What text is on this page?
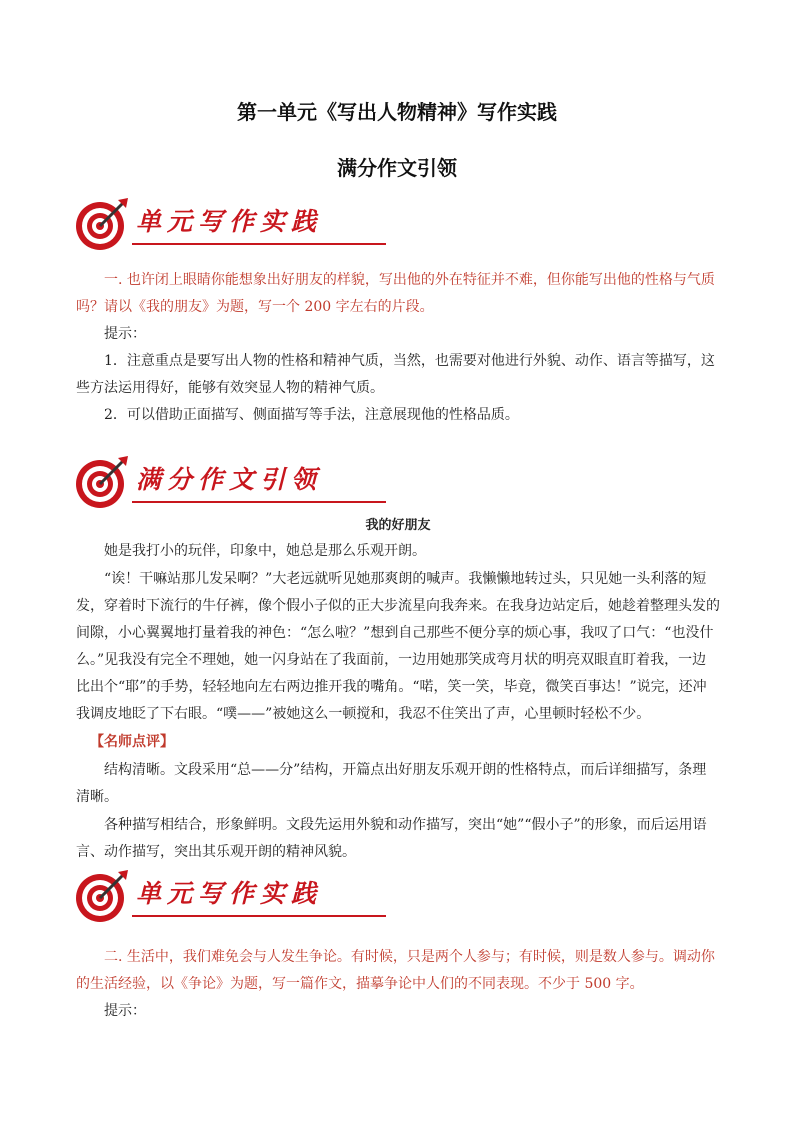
第一单元《写出人物精神》写作实践
满分作文引领
单元写作实践

一. 也许闭上眼睛你能想象出好朋友的样貌，写出他的外在特征并不难，但你能写出他的性格与气质吗？请以《我的朋友》为题，写一个 200 字左右的片段。

提示：

1．注意重点是要写出人物的性格和精神气质，当然，也需要对他进行外貌、动作、语言等描写，这些方法运用得好，能够有效突显人物的精神气质。

2．可以借助正面描写、侧面描写等手法，注意展现他的性格品质。

满分作文引领
我的好朋友

她是我打小的玩伴，印象中，她总是那么乐观开朗。

“诶！干嘛站那儿发呆啊？”大老远就听见她那爽朗的喊声。我懒懒地转过头，只见她一头利落的短发，穿着时下流行的牛仔裤，像个假小子似的正大步流星向我奔来。在我身边站定后，她趁着整理头发的间隙，小心翼翼地打量着我的神色：“怎么啦？”想到自己那些不便分享的烦心事，我叹了口气：“也没什么。”见我没有完全不理她，她一闪身站在了我面前，一边用她那笑成弯月状的明亮双眼直盯着我，一边比出个“耶”的手势，轻轻地向左右两边推开我的嘴角。“喏，笑一笑，毕竟，微笑百事达！”说完，还冲我调皮地眨了下右眼。“噗——”被她这么一顿搅和，我忍不住笑出了声，心里顿时轻松不少。

【名师点评】

结构清晰。文段采用“总——分”结构，开篇点出好朋友乐观开朗的性格特点，而后详细描写，条理清晰。

各种描写相结合，形象鲜明。文段先运用外貌和动作描写，突出“她”“假小子”的形象，而后运用语言、动作描写，突出其乐观开朗的精神风貌。

单元写作实践

二. 生活中，我们难免会与人发生争论。有时候，只是两个人参与；有时候，则是数人参与。调动你的生活经验，以《争论》为题，写一篇作文，描摹争论中人们的不同表现。不少于 500 字。

提示：
